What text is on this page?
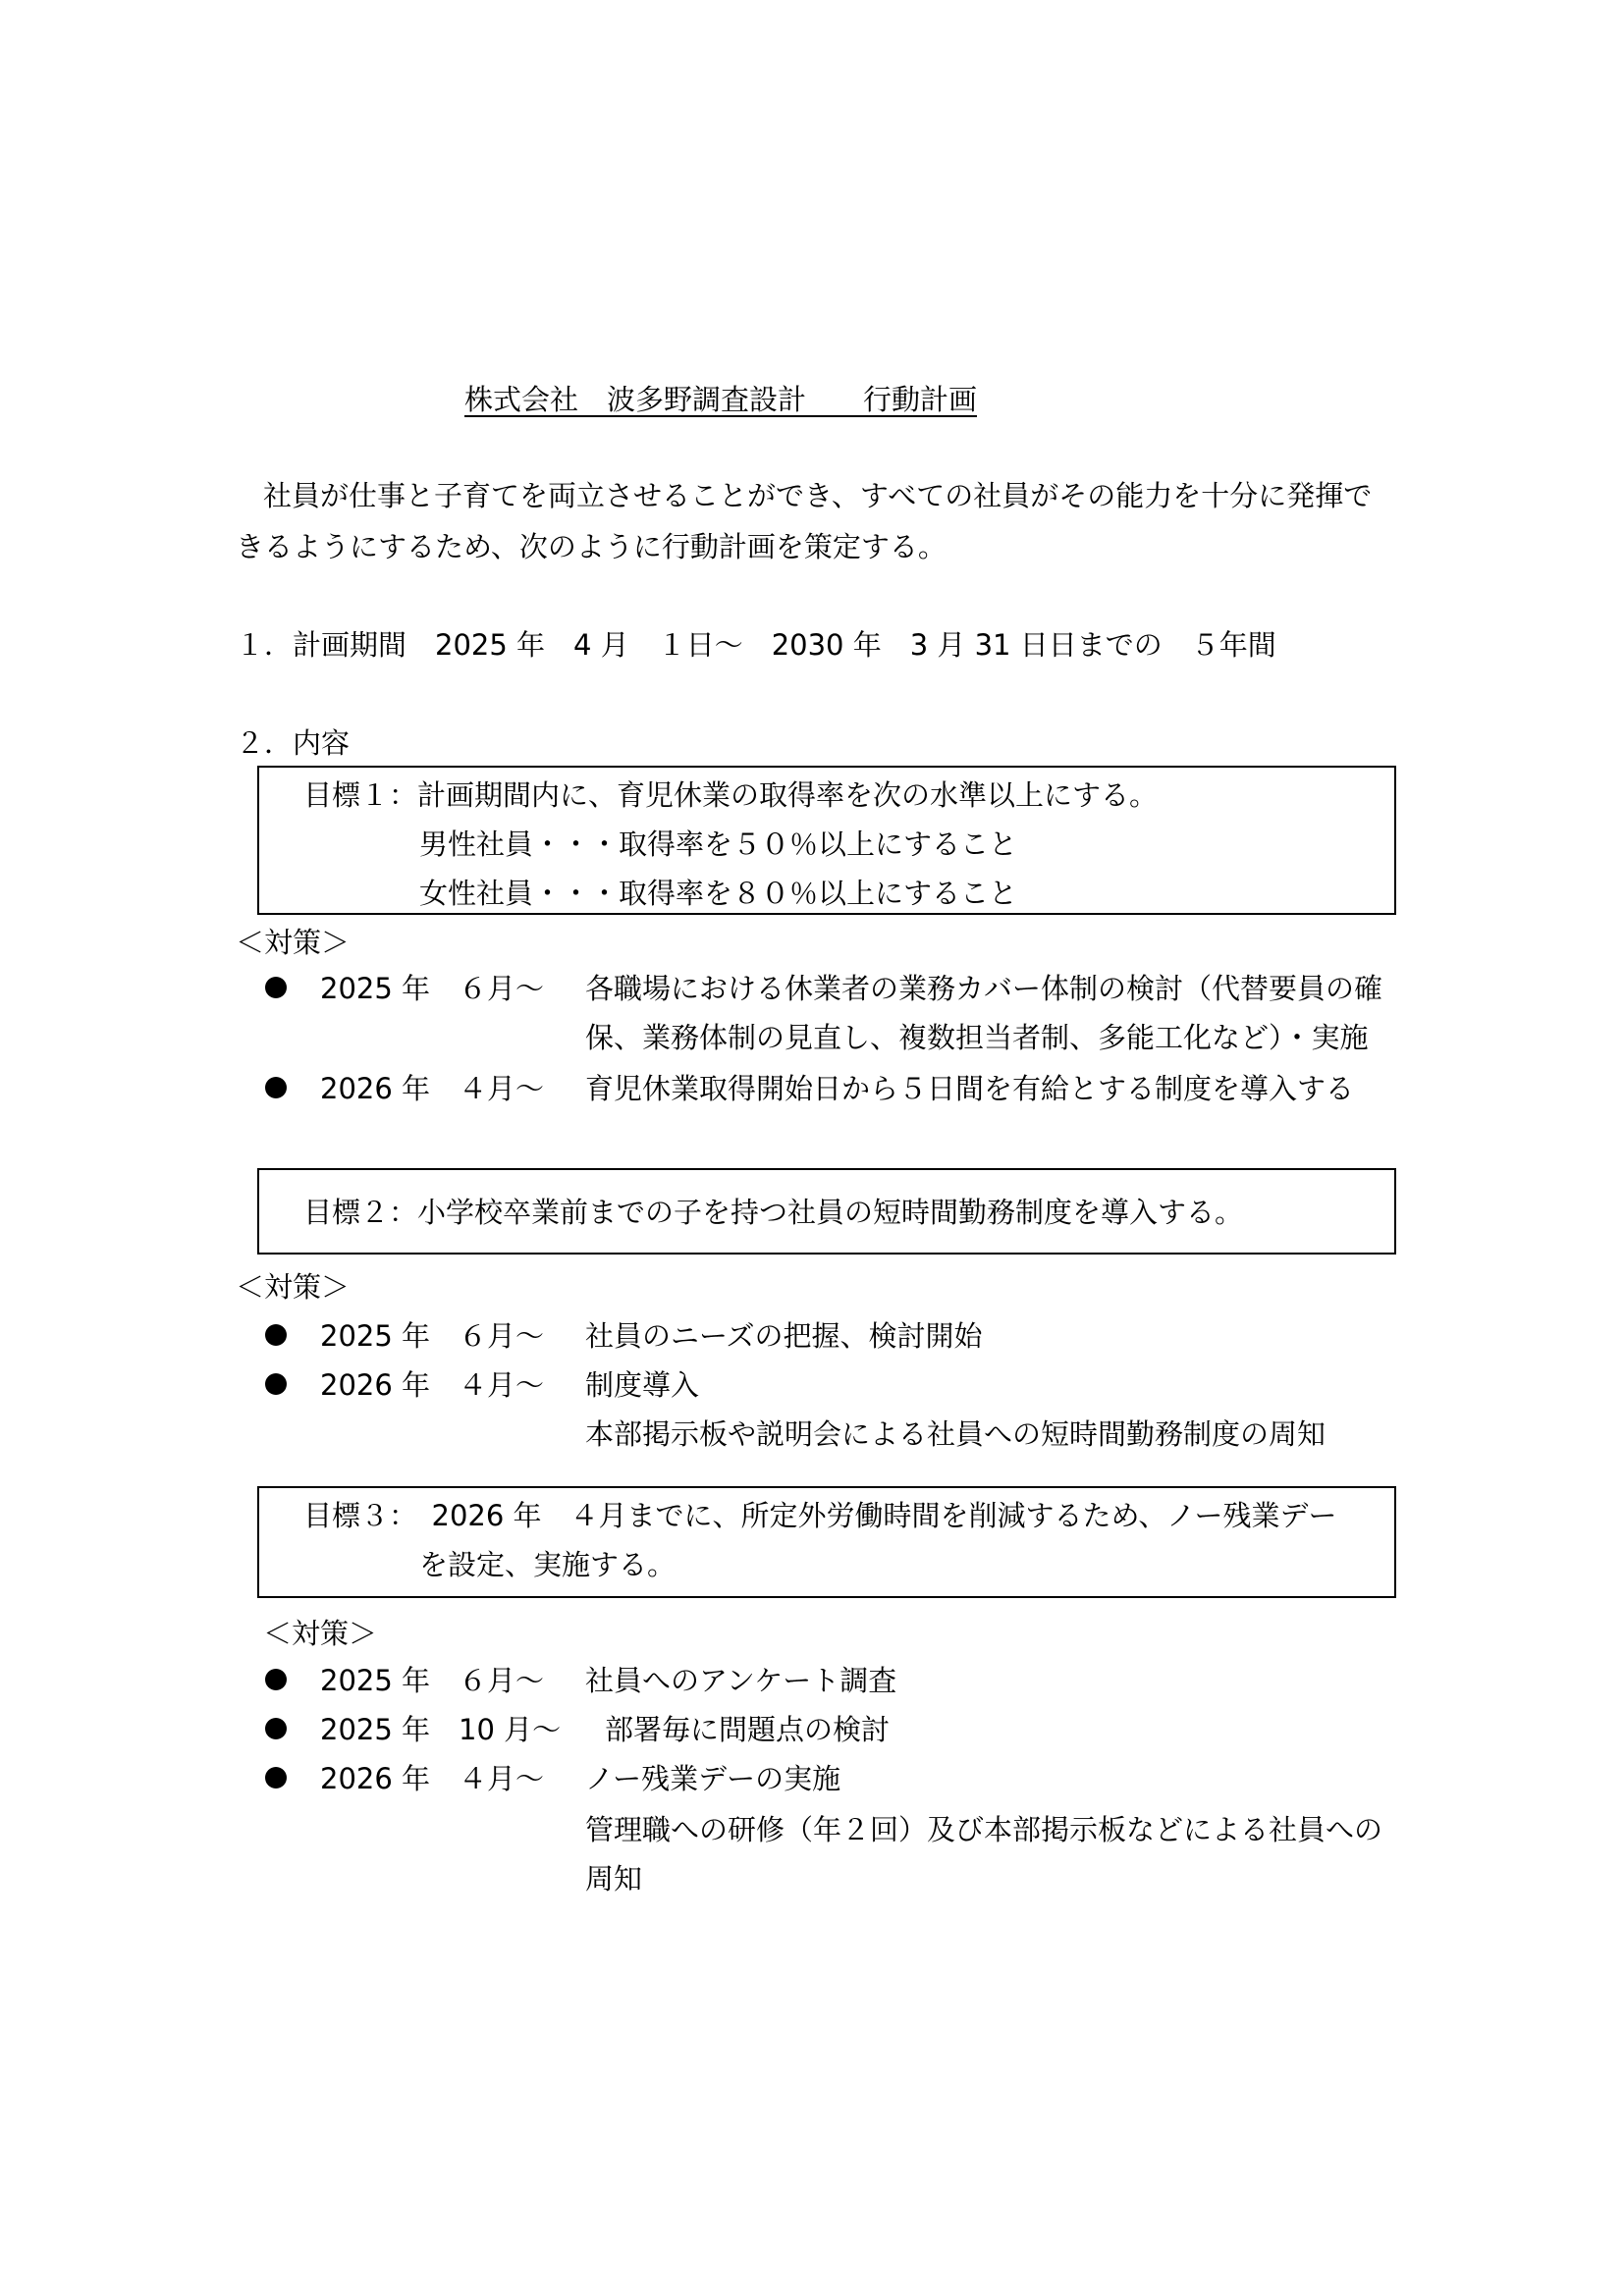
株式会社　波多野調査設計　　行動計画
社員が仕事と子育てを両立させることができ、すべての社員がその能力を十分に発揮で
きるようにするため、次のように行動計画を策定する。
１．計画期間　2025 年　4 月　１日～　2030 年　3 月 31 日日までの　５年間
２．内容
目標１：計画期間内に、育児休業の取得率を次の水準以上にする。
男性社員・・・取得率を５０％以上にすること
女性社員・・・取得率を８０％以上にすること
＜対策＞
2025 年　６月～ 各職場における休業者の業務カバー体制の検討（代替要員の確
保、業務体制の見直し、複数担当者制、多能工化など）・実施
2026 年　４月～ 育児休業取得開始日から５日間を有給とする制度を導入する
目標２：小学校卒業前までの子を持つ社員の短時間勤務制度を導入する。
＜対策＞
2025 年　６月～ 社員のニーズの把握、検討開始
2026 年　４月～ 制度導入
本部掲示板や説明会による社員への短時間勤務制度の周知
目標３：　2026 年　４月までに、所定外労働時間を削減するため、ノー残業デー
を設定、実施する。
＜対策＞
2025 年　６月～ 社員へのアンケート調査
2025 年　10 月～ 部署毎に問題点の検討
2026 年　４月～ ノー残業デーの実施
管理職への研修（年２回）及び本部掲示板などによる社員への
周知
